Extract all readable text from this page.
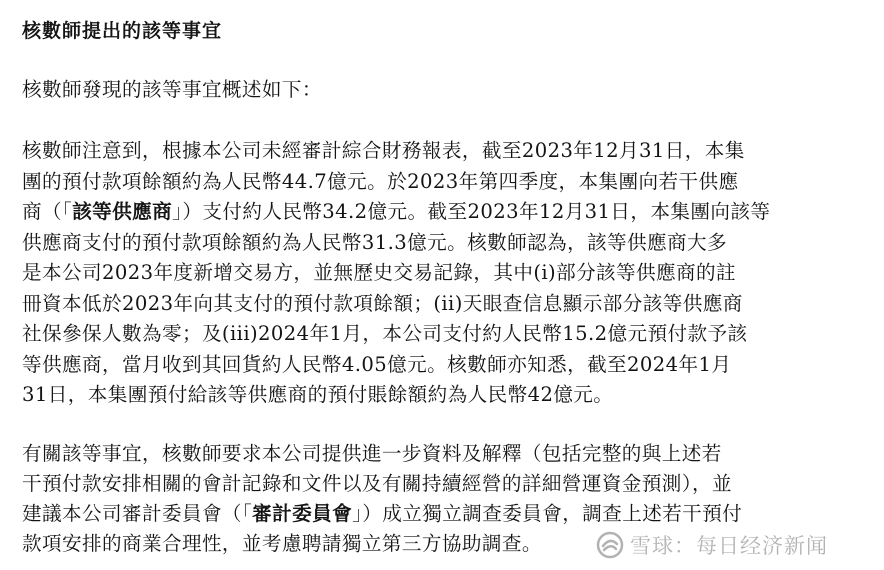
核數師提出的該等事宜
核數師發現的該等事宜概述如下：
核數師注意到，根據本公司未經審計綜合財務報表，截至2023年12月31日，本集
團的預付款項餘額約為人民幣44.7億元。於2023年第四季度，本集團向若干供應
商（「該等供應商」）支付約人民幣34.2億元。截至2023年12月31日，本集團向該等
供應商支付的預付款項餘額約為人民幣31.3億元。核數師認為，該等供應商大多
是本公司2023年度新增交易方，並無歷史交易記錄，其中(i)部分該等供應商的註
冊資本低於2023年向其支付的預付款項餘額；(ii)天眼查信息顯示部分該等供應商
社保參保人數為零；及(iii)2024年1月，本公司支付約人民幣15.2億元預付款予該
等供應商，當月收到其回貨約人民幣4.05億元。核數師亦知悉，截至2024年1月
31日，本集團預付給該等供應商的預付賬餘額約為人民幣42億元。
有關該等事宜，核數師要求本公司提供進一步資料及解釋（包括完整的與上述若
干預付款安排相關的會計記錄和文件以及有關持續經營的詳細營運資金預測），並
建議本公司審計委員會（「審計委員會」）成立獨立調查委員會，調查上述若干預付
款項安排的商業合理性，並考慮聘請獨立第三方協助調查。	雪球：每日经济新闻
